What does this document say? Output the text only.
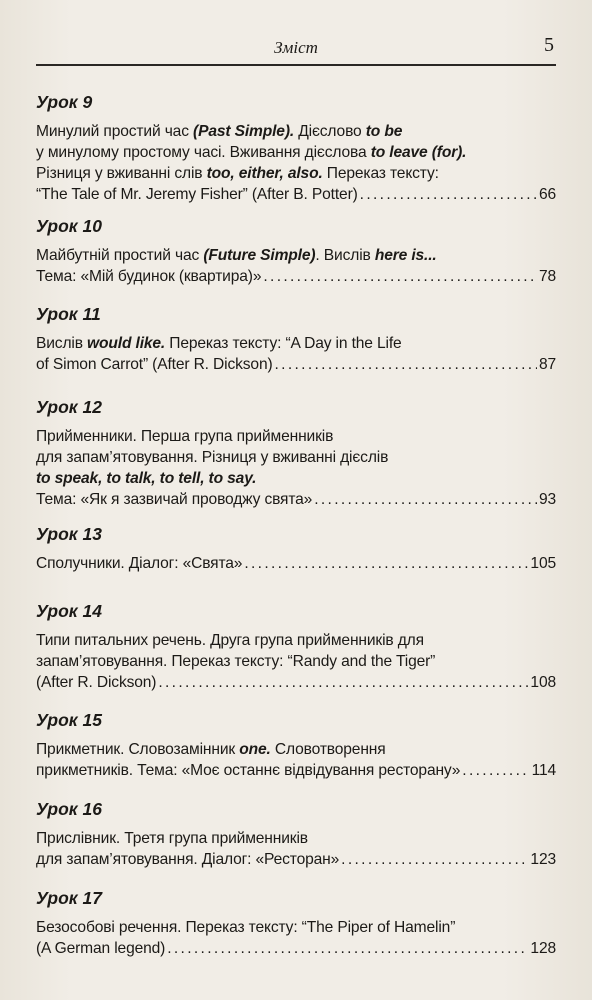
Зміст	5
Урок 9
Минулий простий час (Past Simple). Дієслово to be
у минулому простому часі. Вживання дієслова to leave (for).
Різниця у вживанні слів too, either, also. Переказ тексту:
“The Tale of Mr. Jeremy Fisher” (After B. Potter) . . .	66
Урок 10
Майбутній простий час (Future Simple). Вислів here is...
Тема: «Мій будинок (квартира)» . . .	78
Урок 11
Вислів would like. Переказ тексту: “A Day in the Life
of Simon Carrot” (After R. Dickson) . . .	87
Урок 12
Прийменники. Перша група прийменників
для запам’ятовування. Різниця у вживанні дієслів
to speak, to talk, to tell, to say.
Тема: «Як я зазвичай проводжу свята» . . .	93
Урок 13
Сполучники. Діалог: «Свята» . . .	105
Урок 14
Типи питальних речень. Друга група прийменників для
запам’ятовування. Переказ тексту: “Randy and the Tiger”
(After R. Dickson) . . .	108
Урок 15
Прикметник. Словозамінник one. Словотворення
прикметників. Тема: «Моє останнє відвідування ресторану» . . .	114
Урок 16
Прислівник. Третя група прийменників
для запам’ятовування. Діалог: «Ресторан» . . .	123
Урок 17
Безособові речення. Переказ тексту: “The Piper of Hamelin”
(A German legend) . . .	128
